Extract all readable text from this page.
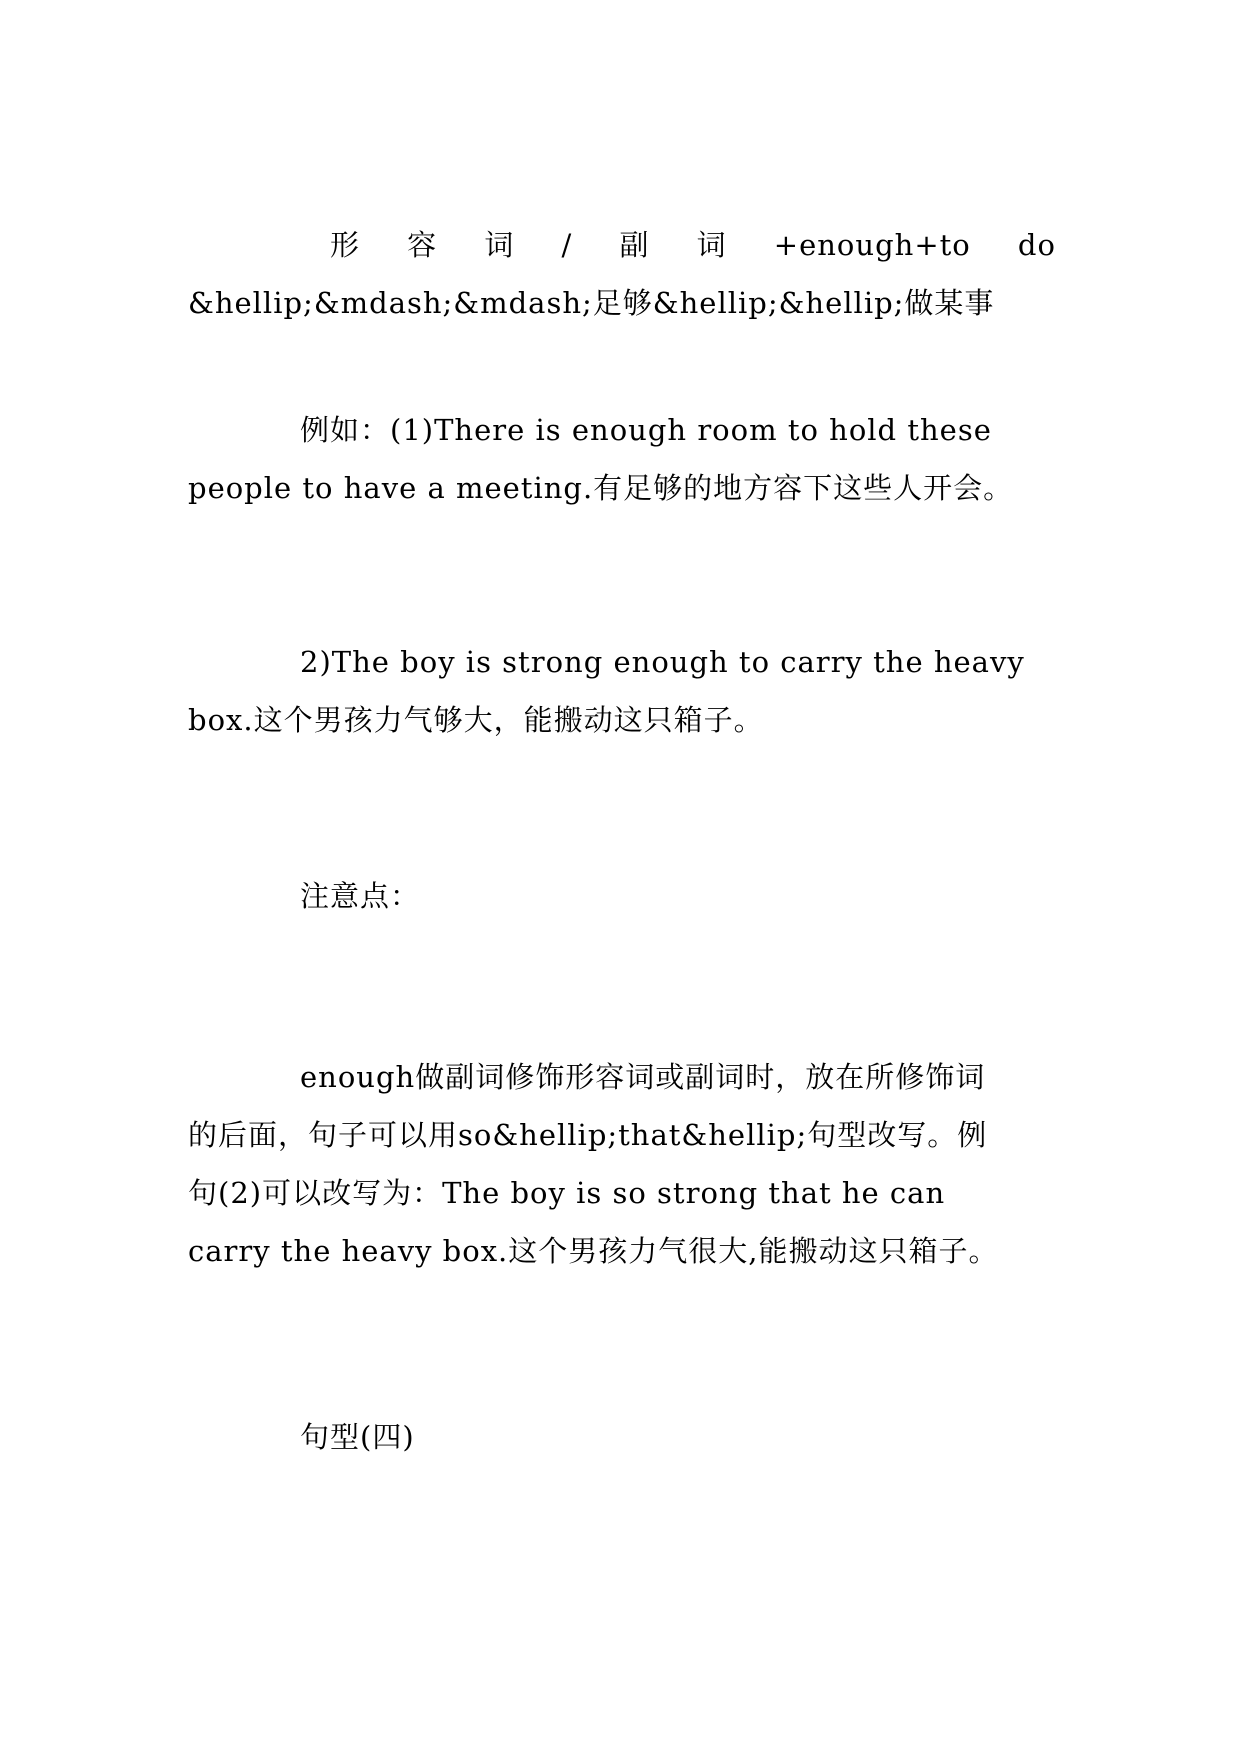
形 容 词 / 副 词 +enough+to do
&hellip;&mdash;&mdash;足够&hellip;&hellip;做某事
例如：(1)There is enough room to hold these
people to have a meeting.有足够的地方容下这些人开会。
2)The boy is strong enough to carry the heavy
box.这个男孩力气够大，能搬动这只箱子。
注意点：
enough做副词修饰形容词或副词时，放在所修饰词
的后面，句子可以用so&hellip;that&hellip;句型改写。例
句(2)可以改写为：The boy is so strong that he can
carry the heavy box.这个男孩力气很大,能搬动这只箱子。
句型(四)
